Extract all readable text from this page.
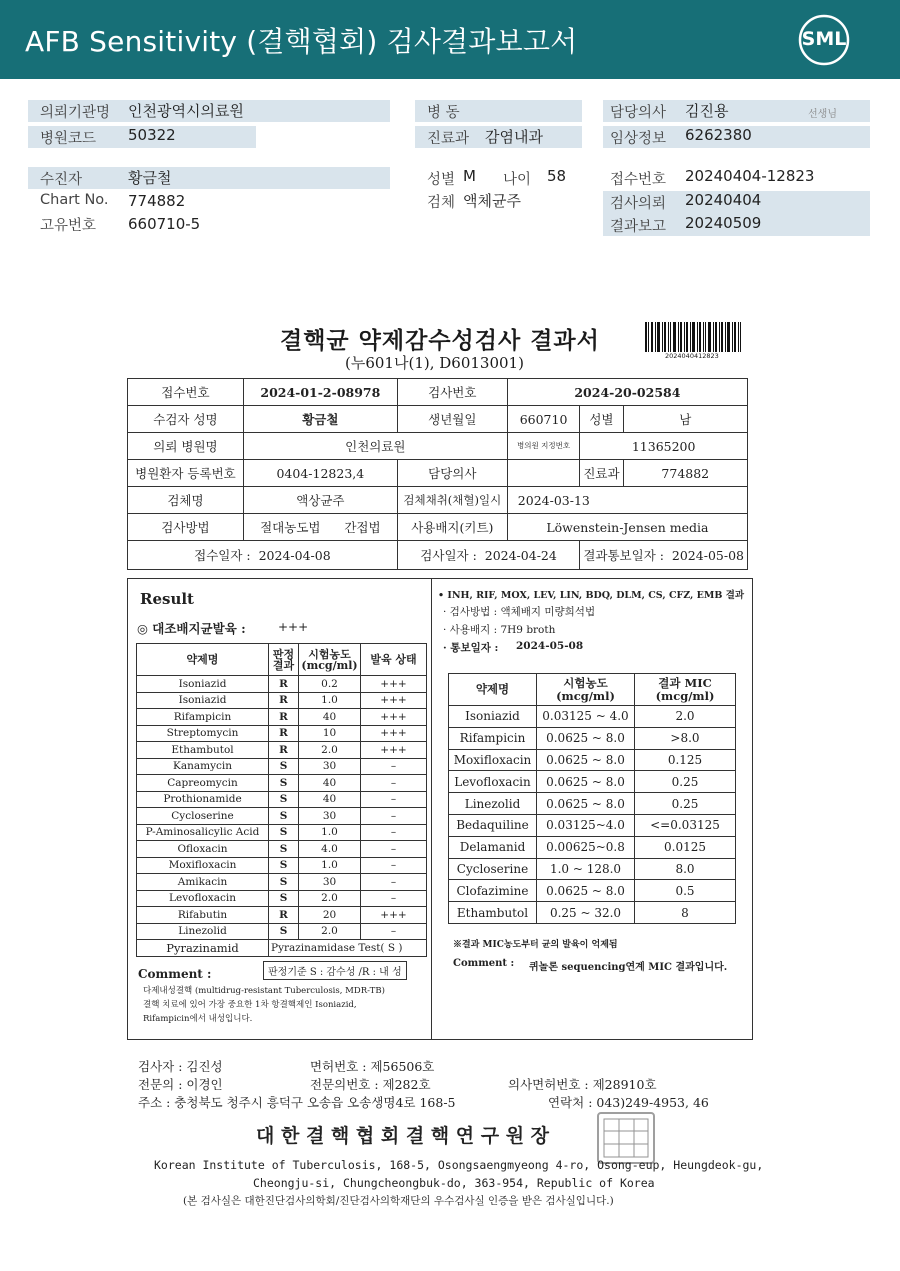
AFB Sensitivity (결핵협회) 검사결과보고서	SML
의뢰기관명 인천광역시의료원
병원코드 50322
병 동
진료과 감염내과
담당의사 김진용	선생님
임상정보 6262380
수진자	황금철
Chart No. 774882
고유번호 660710-5
성별 M 나이 58
검체 액체균주
접수번호 20240404-12823
검사의뢰 20240404
결과보고 20240509
결핵균 약제감수성검사 결과서
(누601나(1), D6013001)	2024040412823
접수번호	2024-01-2-08978	검사번호	2024-20-02584		
수검자 성명	황금철	생년월일	660710	성별	남
의뢰 병원명	인천의료원		병의원 지정번호	11365200	
병원환자 등록번호	0404-12823,4	담당의사		진료과	774882
검체명	액상균주	검체채취(채혈)일시	2024-03-13		
검사방법	절대농도법 간접법	사용배지(키트)	Löwenstein-Jensen media		
접수일자 : 2024-04-08		검사일자 : 2024-04-24		결과통보일자 : 2024-05-08	
Result
◎ 대조배지균발육 :	+++
약제명	판정 결과	시험농도 (mcg/ml)	발육 상태
Isoniazid	R	0.2	+++
Isoniazid	R	1.0	+++
Rifampicin	R	40	+++
Streptomycin	R	10	+++
Ethambutol	R	2.0	+++
Kanamycin	S	30	–
Capreomycin	S	40	–
Prothionamide	S	40	–
Cycloserine	S	30	–
P-Aminosalicylic Acid	S	1.0	–
Ofloxacin	S	4.0	–
Moxifloxacin	S	1.0	–
Amikacin	S	30	–
Levofloxacin	S	2.0	–
Rifabutin	R	20	+++
Linezolid	S	2.0	–
Pyrazinamid	Pyrazinamidase Test( S )		
판정기준 S : 감수성 /R : 내 성
Comment :
다제내성결핵 (multidrug-resistant Tuberculosis, MDR-TB)
결핵 치료에 있어 가장 중요한 1차 항결핵제인 Isoniazid,
Rifampicin에서 내성입니다.
• INH, RIF, MOX, LEV, LIN, BDQ, DLM, CS, CFZ, EMB 결과
· 검사방법 : 액체배지 미량희석법
· 사용배지 : 7H9 broth
· 통보일자 : 2024-05-08
약제명	시험농도 (mcg/ml)	결과 MIC (mcg/ml)
Isoniazid	0.03125 ~ 4.0	2.0
Rifampicin	0.0625 ~ 8.0	>8.0
Moxifloxacin	0.0625 ~ 8.0	0.125
Levofloxacin	0.0625 ~ 8.0	0.25
Linezolid	0.0625 ~ 8.0	0.25
Bedaquiline	0.03125~4.0	<=0.03125
Delamanid	0.00625~0.8	0.0125
Cycloserine	1.0 ~ 128.0	8.0
Clofazimine	0.0625 ~ 8.0	0.5
Ethambutol	0.25 ~ 32.0	8
※결과 MIC농도부터 균의 발육이 억제됨
Comment : 퀴놀론 sequencing연계 MIC 결과입니다.
검사자 : 김진성	면허번호 : 제56506호
전문의 : 이경인	전문의번호 : 제282호	의사면허번호 : 제28910호
주소 : 충청북도 청주시 흥덕구 오송읍 오송생명4로 168-5	연락처 : 043)249-4953, 46
대 한 결 핵 협 회 결 핵 연 구 원 장
Korean Institute of Tuberculosis, 168-5, Osongsaengmyeong 4-ro, Osong-eup, Heungdeok-gu,
Cheongju-si, Chungcheongbuk-do, 363-954, Republic of Korea
(본 검사실은 대한진단검사의학회/진단검사의학재단의 우수검사실 인증을 받은 검사실입니다.)
